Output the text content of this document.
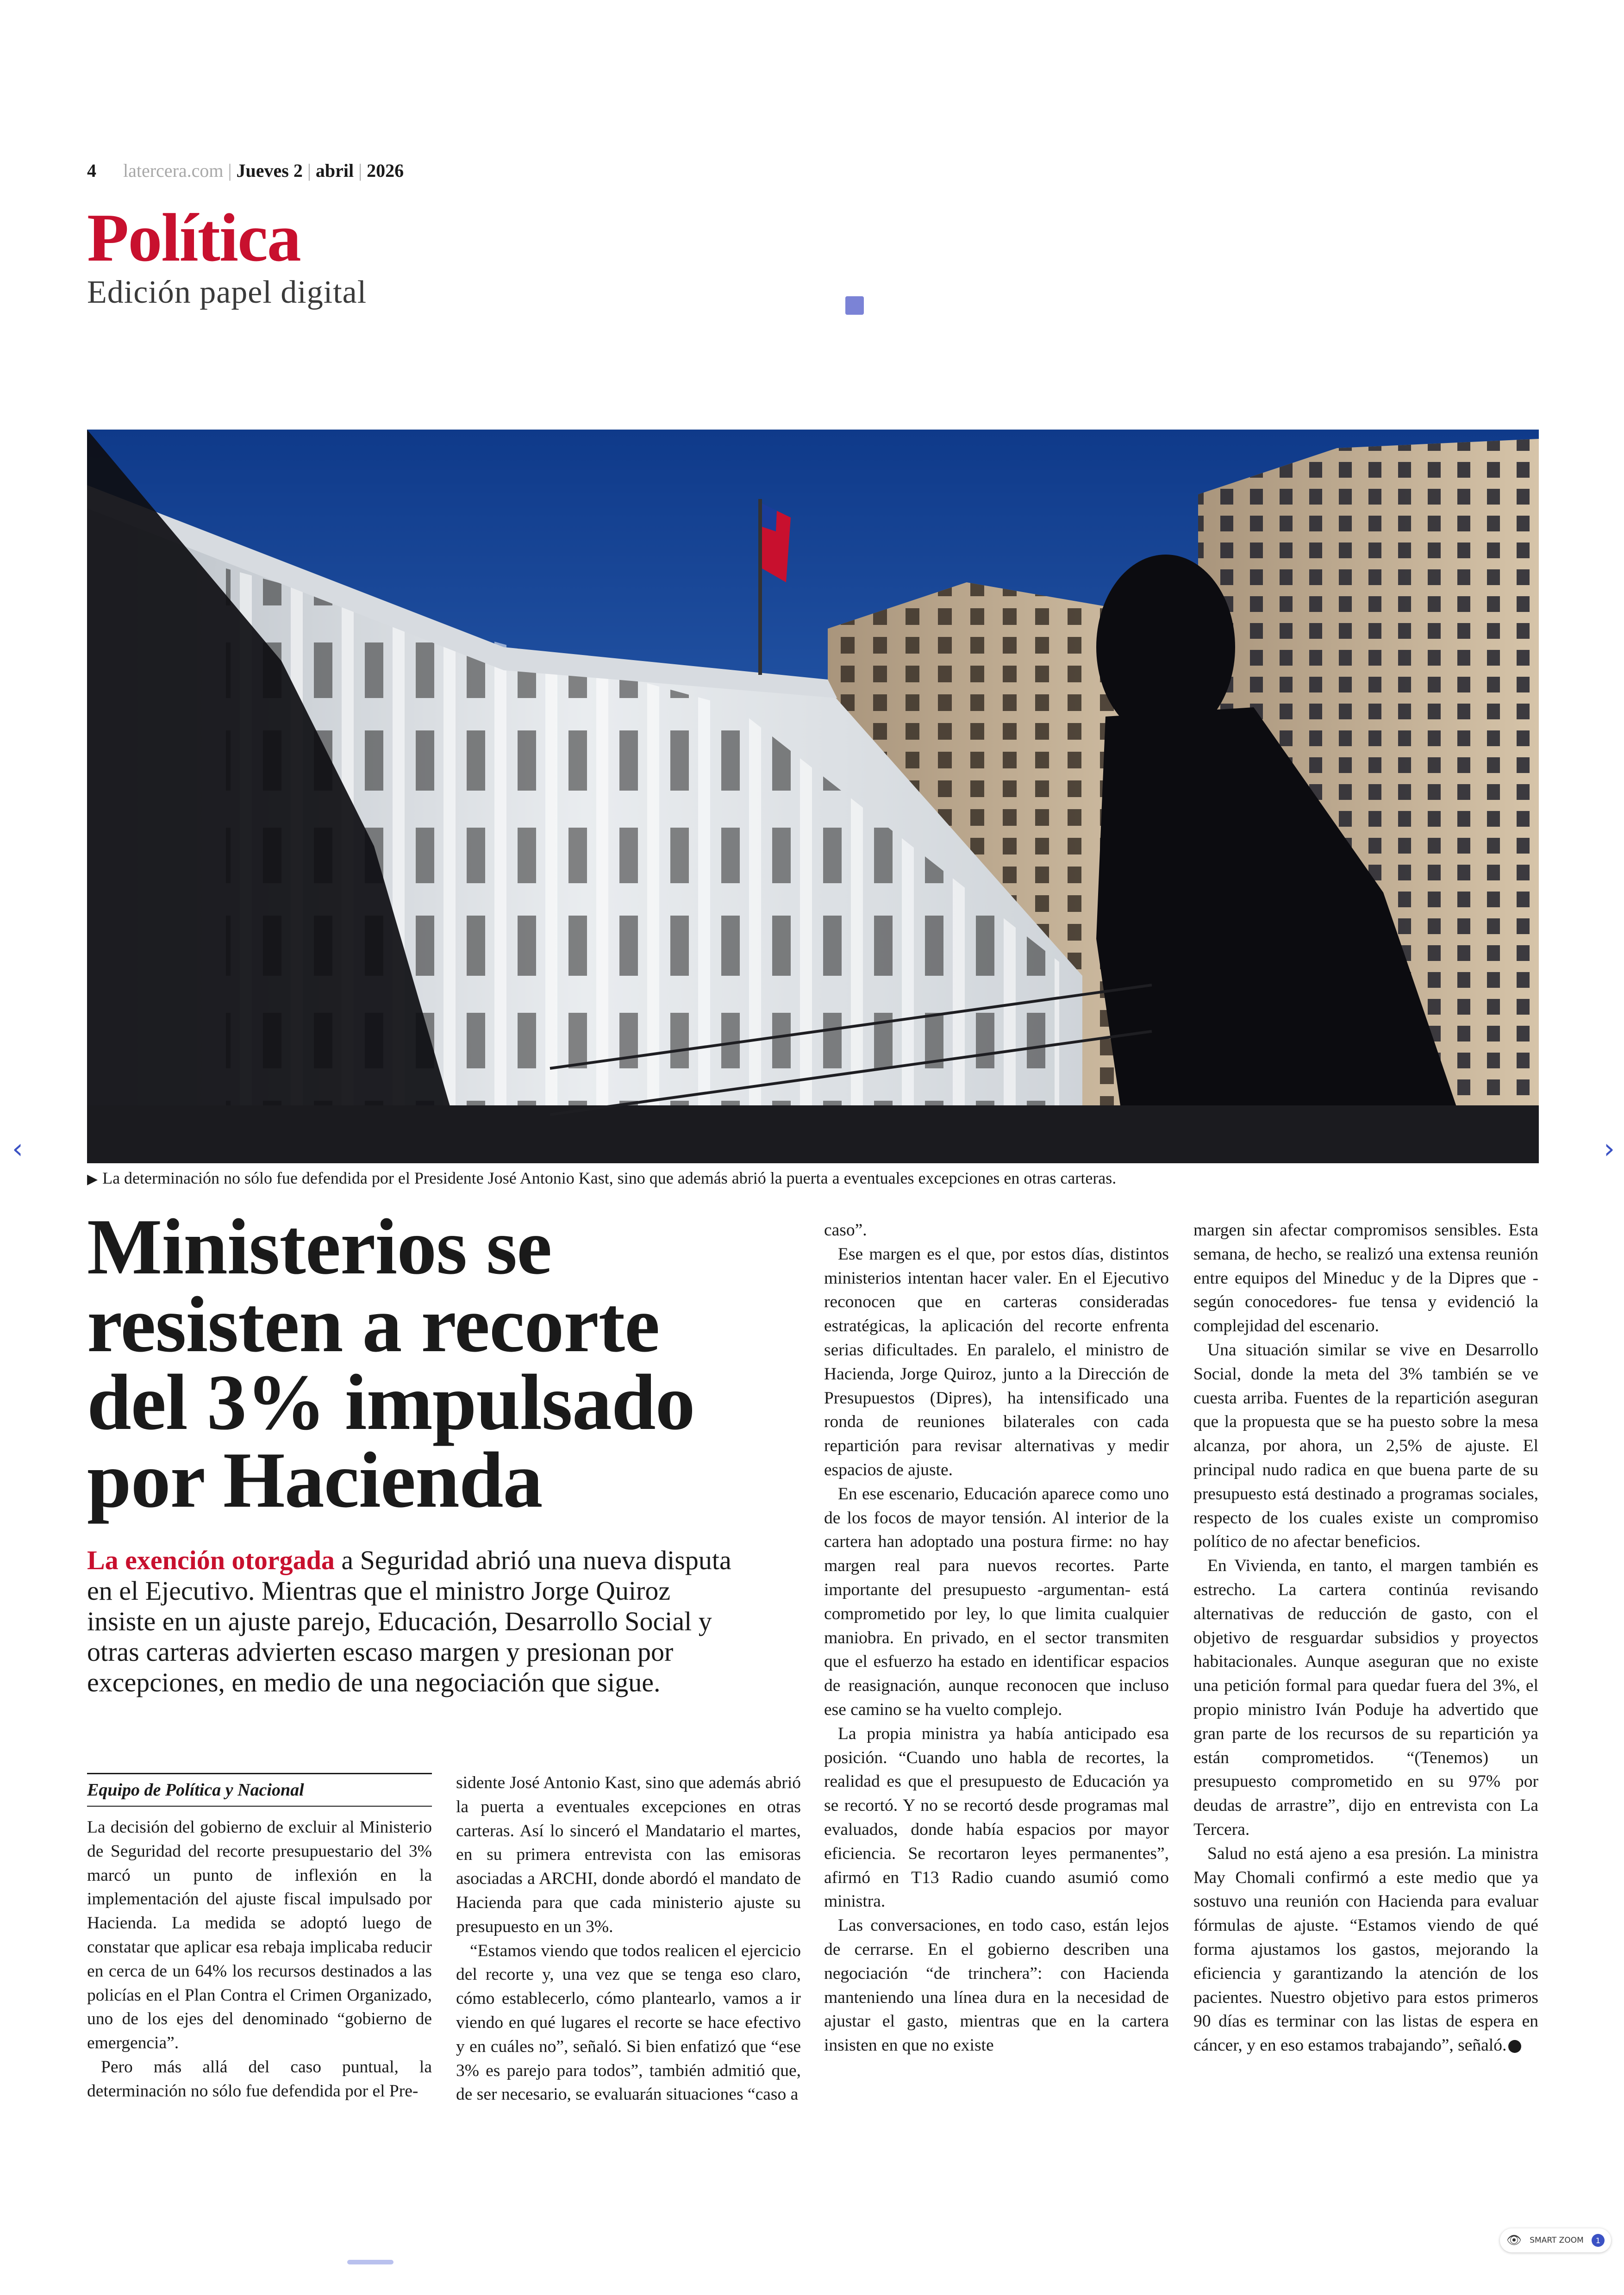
4 latercera.com | Jueves 2 | abril | 2026
Política
Edición papel digital
▶ La determinación no sólo fue defendida por el Presidente José Antonio Kast, sino que además abrió la puerta a eventuales excepciones en otras carteras.
Ministerios se resisten a recorte del 3% impulsado por Hacienda
La exención otorgada a Seguridad abrió una nueva disputa en el Ejecutivo. Mientras que el ministro Jorge Quiroz insiste en un ajuste parejo, Educación, Desarrollo Social y otras carteras advierten escaso margen y presionan por excepciones, en medio de una negociación que sigue.
Equipo de Política y Nacional

La decisión del gobierno de excluir al Ministerio de Seguridad del recorte presupuestario del 3% marcó un punto de inflexión en la implementación del ajuste fiscal impulsado por Hacienda. La medida se adoptó luego de constatar que aplicar esa rebaja implicaba reducir en cerca de un 64% los recursos destinados a las policías en el Plan Contra el Crimen Organizado, uno de los ejes del denominado “gobierno de emergencia”.

Pero más allá del caso puntual, la determinación no sólo fue defendida por el Pre-

sidente José Antonio Kast, sino que además abrió la puerta a eventuales excepciones en otras carteras. Así lo sinceró el Mandatario el martes, en su primera entrevista con las emisoras asociadas a ARCHI, donde abordó el mandato de Hacienda para que cada ministerio ajuste su presupuesto en un 3%.

“Estamos viendo que todos realicen el ejercicio del recorte y, una vez que se tenga eso claro, cómo establecerlo, cómo plantearlo, vamos a ir viendo en qué lugares el recorte se hace efectivo y en cuáles no”, señaló. Si bien enfatizó que “ese 3% es parejo para todos”, también admitió que, de ser necesario, se evaluarán situaciones “caso a

caso”.

Ese margen es el que, por estos días, distintos ministerios intentan hacer valer. En el Ejecutivo reconocen que en carteras consideradas estratégicas, la aplicación del recorte enfrenta serias dificultades. En paralelo, el ministro de Hacienda, Jorge Quiroz, junto a la Dirección de Presupuestos (Dipres), ha intensificado una ronda de reuniones bilaterales con cada repartición para revisar alternativas y medir espacios de ajuste.

En ese escenario, Educación aparece como uno de los focos de mayor tensión. Al interior de la cartera han adoptado una postura firme: no hay margen real para nuevos recortes. Parte importante del presupuesto -argumentan- está comprometido por ley, lo que limita cualquier maniobra. En privado, en el sector transmiten que el esfuerzo ha estado en identificar espacios de reasignación, aunque reconocen que incluso ese camino se ha vuelto complejo.

La propia ministra ya había anticipado esa posición. “Cuando uno habla de recortes, la realidad es que el presupuesto de Educación ya se recortó. Y no se recortó desde programas mal evaluados, donde había espacios por mayor eficiencia. Se recortaron leyes permanentes”, afirmó en T13 Radio cuando asumió como ministra.

Las conversaciones, en todo caso, están lejos de cerrarse. En el gobierno describen una negociación “de trinchera”: con Hacienda manteniendo una línea dura en la necesidad de ajustar el gasto, mientras que en la cartera insisten en que no existe

margen sin afectar compromisos sensibles. Esta semana, de hecho, se realizó una extensa reunión entre equipos del Mineduc y de la Dipres que -según conocedores- fue tensa y evidenció la complejidad del escenario.

Una situación similar se vive en Desarrollo Social, donde la meta del 3% también se ve cuesta arriba. Fuentes de la repartición aseguran que la propuesta que se ha puesto sobre la mesa alcanza, por ahora, un 2,5% de ajuste. El principal nudo radica en que buena parte de su presupuesto está destinado a programas sociales, respecto de los cuales existe un compromiso político de no afectar beneficios.

En Vivienda, en tanto, el margen también es estrecho. La cartera continúa revisando alternativas de reducción de gasto, con el objetivo de resguardar subsidios y proyectos habitacionales. Aunque aseguran que no existe una petición formal para quedar fuera del 3%, el propio ministro Iván Poduje ha advertido que gran parte de los recursos de su repartición ya están comprometidos. “(Tenemos) un presupuesto comprometido en su 97% por deudas de arrastre”, dijo en entrevista con La Tercera.

Salud no está ajeno a esa presión. La ministra May Chomali confirmó a este medio que ya sostuvo una reunión con Hacienda para evaluar fórmulas de ajuste. “Estamos viendo de qué forma ajustamos los gastos, mejorando la eficiencia y garantizando la atención de los pacientes. Nuestro objetivo para estos primeros 90 días es terminar con las listas de espera en cáncer, y en eso estamos trabajando”, señaló.

‹	›
👁 SMART ZOOM	1
